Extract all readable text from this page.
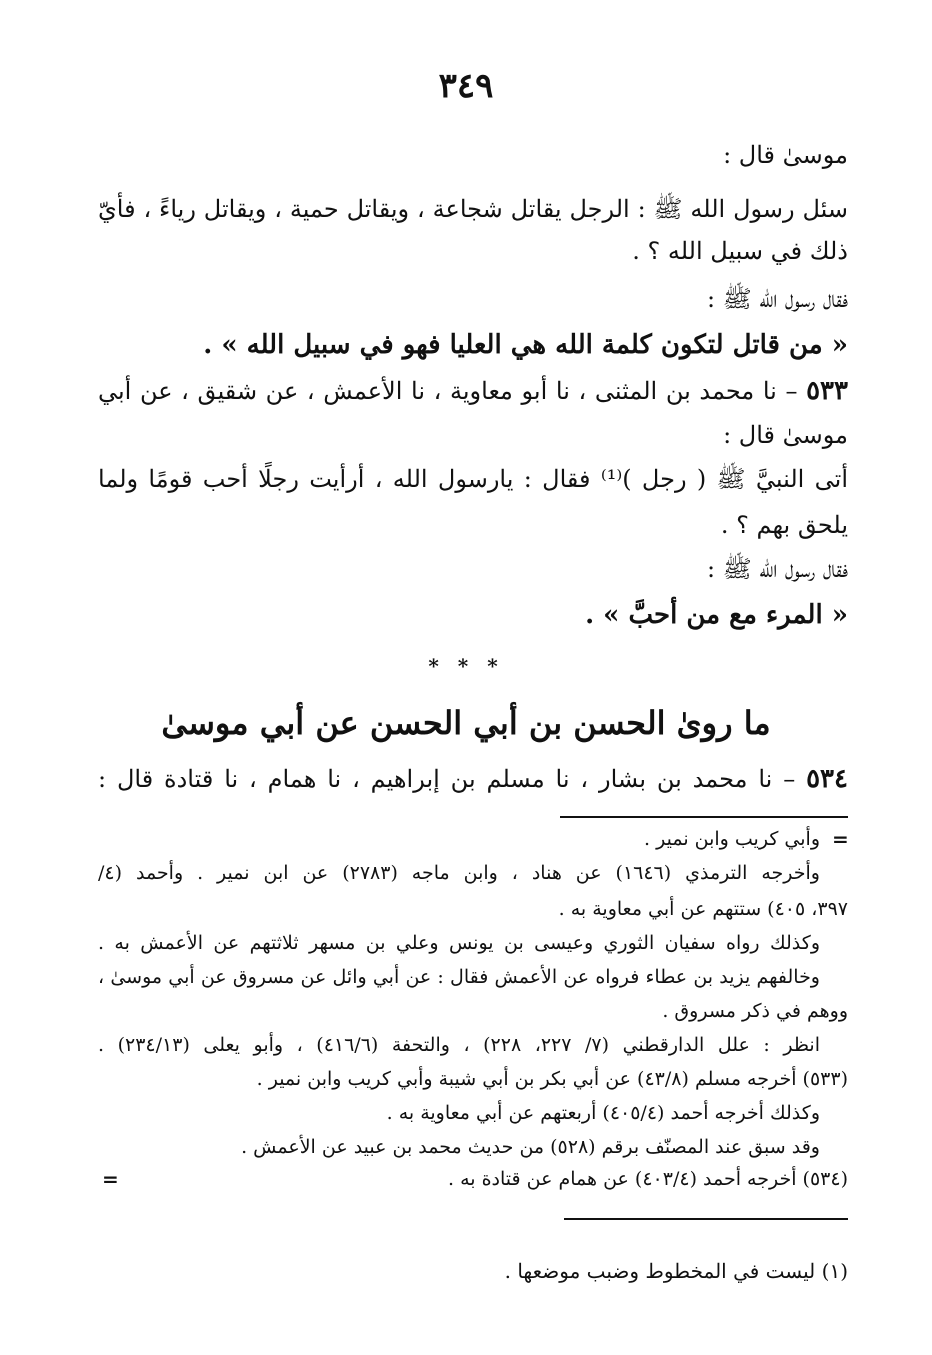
٣٤٩
موسىٰ قال :
سئل رسول الله ﷺ : الرجل يقاتل شجاعة ، ويقاتل حمية ، ويقاتل رياءً ، فأيّ
ذلك في سبيل الله ؟ .
فقال رسول الله ﷺ :
« من قاتل لتكون كلمة الله هي العليا فهو في سبيل الله » .
٥٣٣ – نا محمد بن المثنى ، نا أبو معاوية ، نا الأعمش ، عن شقيق ، عن أبي
موسىٰ قال :
أتى النبيَّ ﷺ ( رجل )⁽¹⁾ فقال : يارسول الله ، أرأيت رجلًا أحب قومًا ولما
يلحق بهم ؟ .
فقال رسول الله ﷺ :
« المرء مع من أحبَّ » .
* * *
ما روىٰ الحسن بن أبي الحسن عن أبي موسىٰ
٥٣٤ – نا محمد بن بشار ، نا مسلم بن إبراهيم ، نا همام ، نا قتادة قال :
=
=
وأبي كريب وابن نمير .
وأخرجه الترمذي (١٦٤٦) عن هناد ، وابن ماجه (٢٧٨٣) عن ابن نمير . وأحمد (٤/
٣٩٧، ٤٠٥) ستتهم عن أبي معاوية به .
وكذلك رواه سفيان الثوري وعيسى بن يونس وعلي بن مسهر ثلاثتهم عن الأعمش به .
وخالفهم يزيد بن عطاء فرواه عن الأعمش فقال : عن أبي وائل عن مسروق عن أبي موسىٰ ،
ووهم في ذكر مسروق .
انظر : علل الدارقطني (٧/ ٢٢٧، ٢٢٨) ، والتحفة (٤١٦/٦) ، وأبو يعلى (٢٣٤/١٣) .
(٥٣٣) أخرجه مسلم (٤٣/٨) عن أبي بكر بن أبي شيبة وأبي كريب وابن نمير .
وكذلك أخرجه أحمد (٤٠٥/٤) أربعتهم عن أبي معاوية به .
وقد سبق عند المصنّف برقم (٥٢٨) من حديث محمد بن عبيد عن الأعمش .
(٥٣٤) أخرجه أحمد (٤٠٣/٤) عن همام عن قتادة به .
(١) ليست في المخطوط وضبب موضعها .
